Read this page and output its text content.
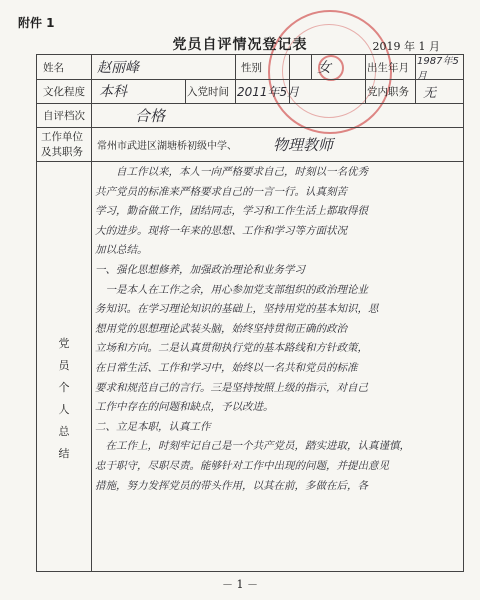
附件 1
党员自评情况登记表	2019 年 1 月
姓名	赵丽峰	性别	女	出生年月 1987年5月
文化程度	本科	入党时间 2011年5月	党内职务	无
自评档次	合格
工作单位
及其职务 常州市武进区湖塘桥初级中学、	物理教师
党
员
个
人
总
结
　　自工作以来，本人一向严格要求自己，时刻以一名优秀
共产党员的标准来严格要求自己的一言一行。认真刻苦
学习，勤奋做工作，团结同志，学习和工作生活上都取得很
大的进步。现将一年来的思想、工作和学习等方面状况
加以总结。
一、强化思想修养，加强政治理论和业务学习
　一是本人在工作之余，用心参加党支部组织的政治理论业
务知识。在学习理论知识的基础上，坚持用党的基本知识，思
想用党的思想理论武装头脑，始终坚持贯彻正确的政治
立场和方向。二是认真贯彻执行党的基本路线和方针政策，
在日常生活、工作和学习中，始终以一名共和党员的标准
要求和规范自己的言行。三是坚持按照上级的指示，对自己
工作中存在的问题和缺点，予以改进。
二、立足本职，认真工作
　在工作上，时刻牢记自己是一个共产党员，踏实进取，认真谨慎，
忠于职守，尽职尽责。能够针对工作中出现的问题，并提出意见
措施，努力发挥党员的带头作用，以其在前，多做在后，各
－ 1 －
